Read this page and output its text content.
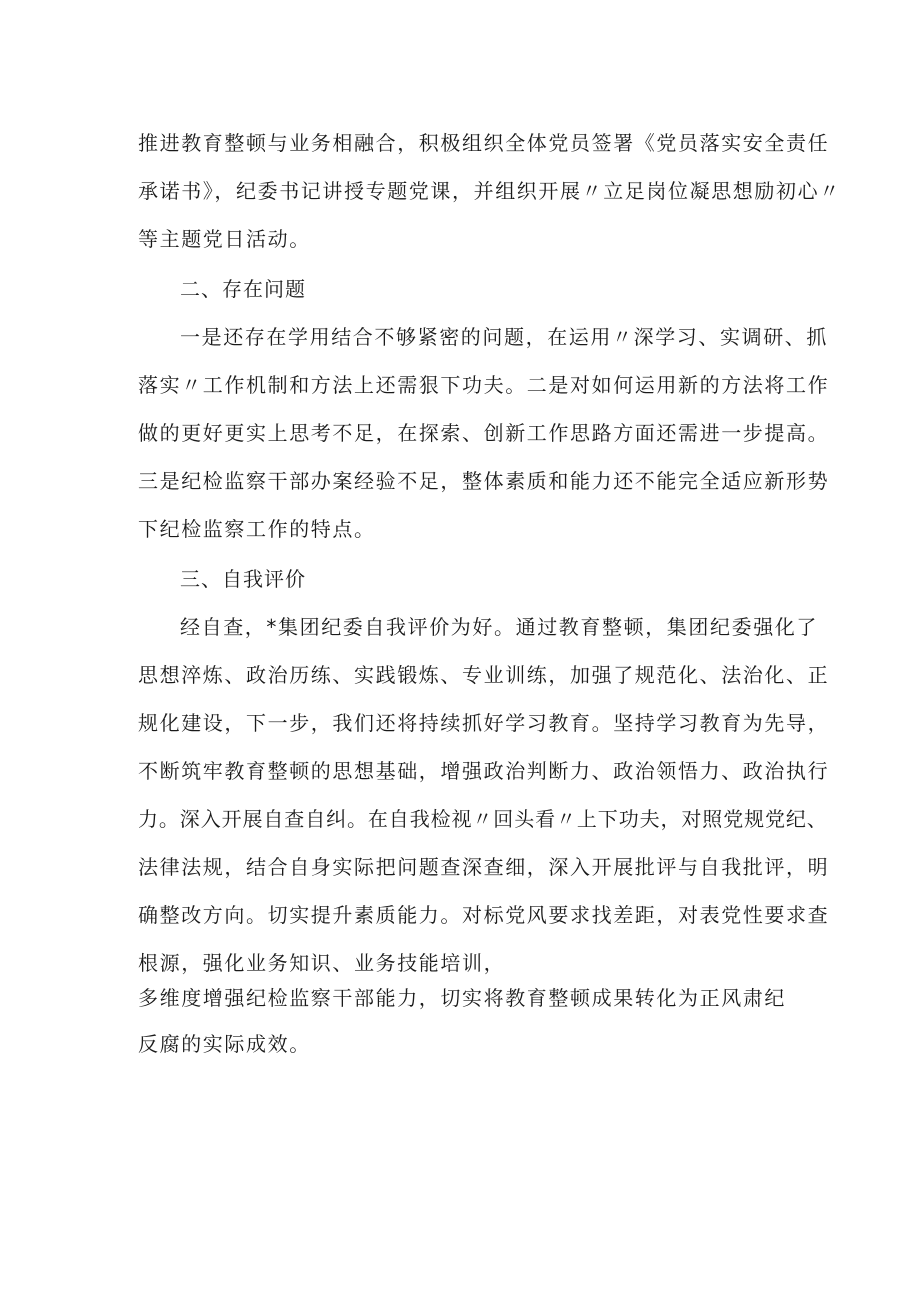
推进教育整顿与业务相融合，积极组织全体党员签署《党员落实安全责任
承诺书》，纪委书记讲授专题党课，并组织开展〃立足岗位凝思想励初心〃
等主题党日活动。
二、存在问题
一是还存在学用结合不够紧密的问题，在运用〃深学习、实调研、抓
落实〃工作机制和方法上还需狠下功夫。二是对如何运用新的方法将工作
做的更好更实上思考不足，在探索、创新工作思路方面还需进一步提高。
三是纪检监察干部办案经验不足，整体素质和能力还不能完全适应新形势
下纪检监察工作的特点。
三、自我评价
经自查，*集团纪委自我评价为好。通过教育整顿，集团纪委强化了
思想淬炼、政治历练、实践锻炼、专业训练，加强了规范化、法治化、正
规化建设，下一步，我们还将持续抓好学习教育。坚持学习教育为先导，
不断筑牢教育整顿的思想基础，增强政治判断力、政治领悟力、政治执行
力。深入开展自查自纠。在自我检视〃回头看〃上下功夫，对照党规党纪、
法律法规，结合自身实际把问题查深查细，深入开展批评与自我批评，明
确整改方向。切实提升素质能力。对标党风要求找差距，对表党性要求查
根源，强化业务知识、业务技能培训，
多维度增强纪检监察干部能力，切实将教育整顿成果转化为正风肃纪
反腐的实际成效。
